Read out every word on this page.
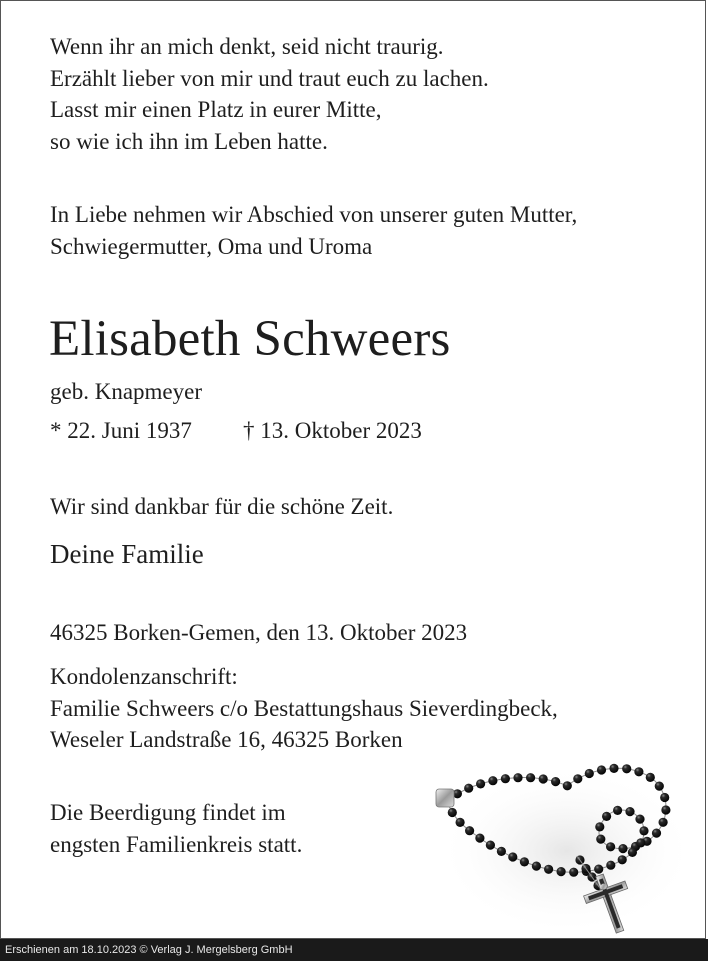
Wenn ihr an mich denkt, seid nicht traurig.
Erzählt lieber von mir und traut euch zu lachen.
Lasst mir einen Platz in eurer Mitte,
so wie ich ihn im Leben hatte.
In Liebe nehmen wir Abschied von unserer guten Mutter,
Schwiegermutter, Oma und Uroma
Elisabeth Schweers
geb. Knapmeyer
* 22. Juni 1937 † 13. Oktober 2023
Wir sind dankbar für die schöne Zeit.
Deine Familie
46325 Borken-Gemen, den 13. Oktober 2023
Kondolenzanschrift:
Familie Schweers c/o Bestattungshaus Sieverdingbeck,
Weseler Landstraße 16, 46325 Borken
Die Beerdigung findet im
engsten Familienkreis statt.
Erschienen am 18.10.2023 © Verlag J. Mergelsberg GmbH
